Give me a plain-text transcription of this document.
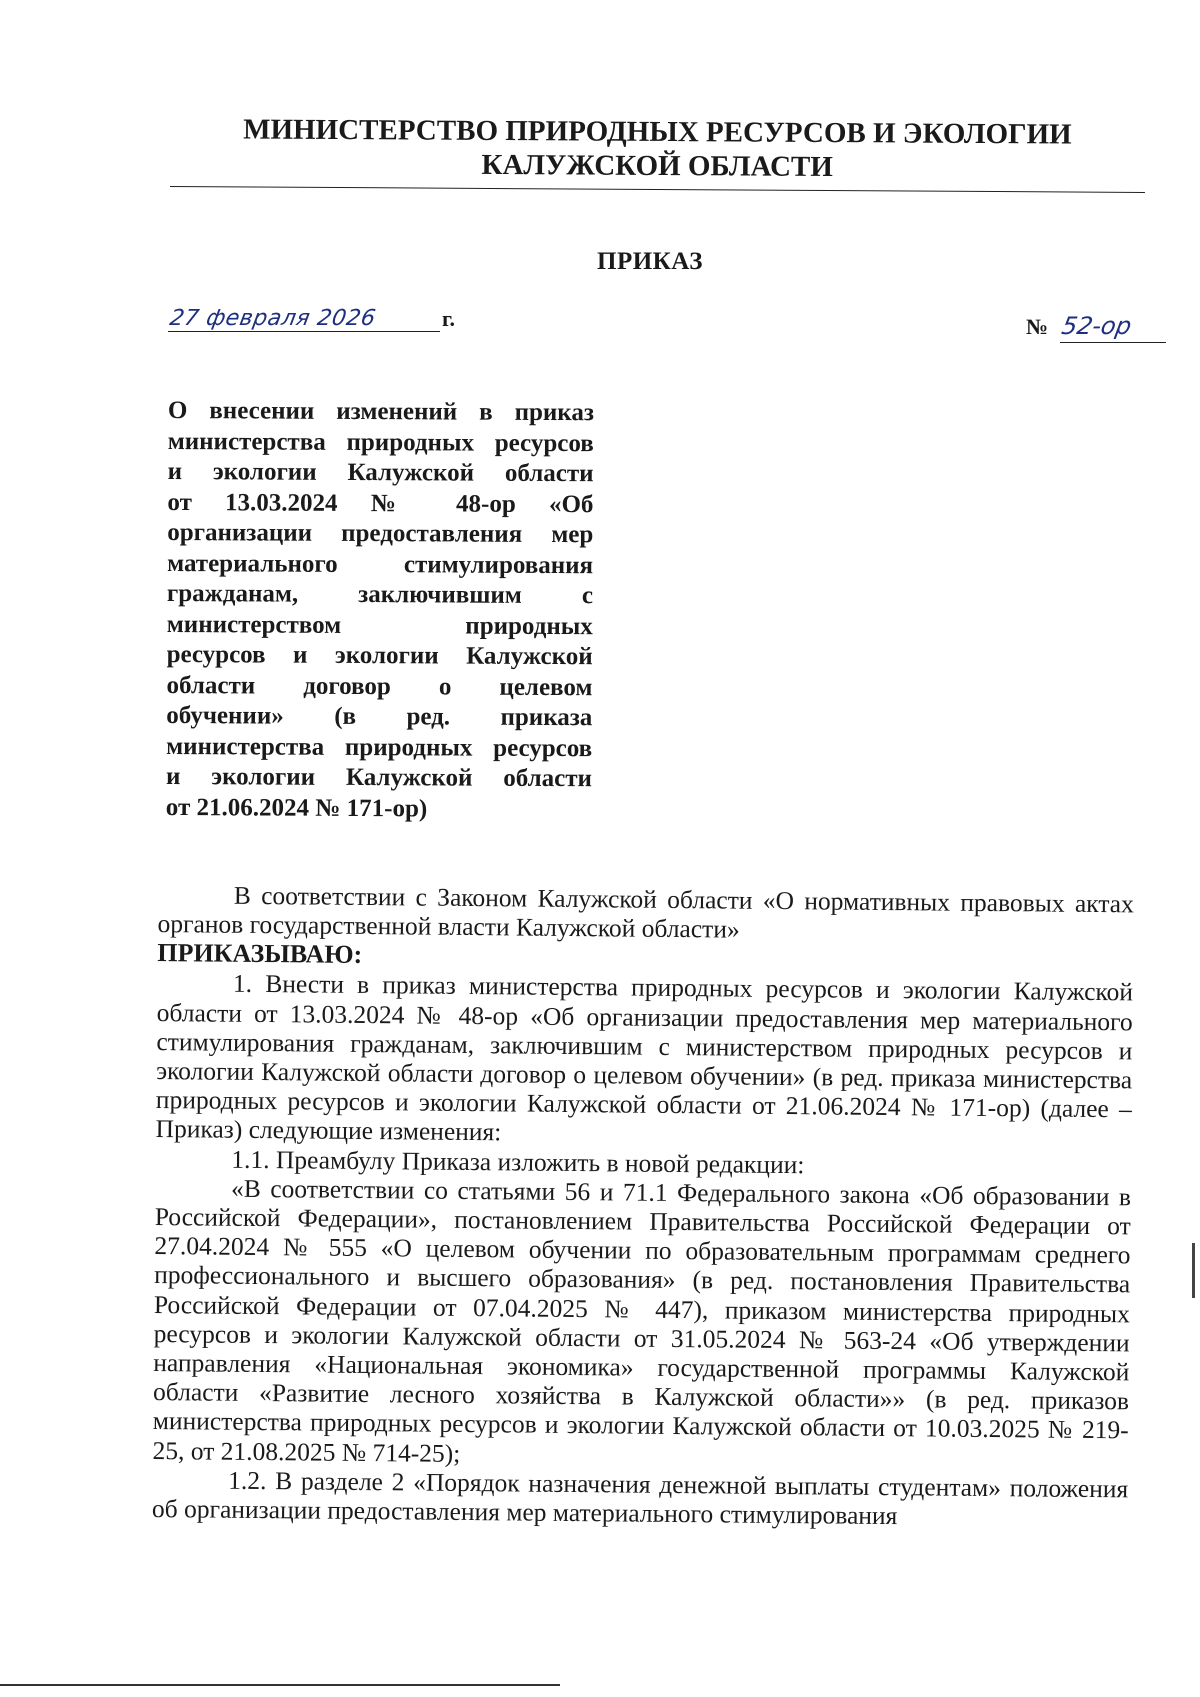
МИНИСТЕРСТВО ПРИРОДНЫХ РЕСУРСОВ И ЭКОЛОГИИ
КАЛУЖСКОЙ ОБЛАСТИ
ПРИКАЗ
27 февраля 2026	г.	№ 52-ор
О внесении изменений в приказ
министерства природных ресурсов
и экологии Калужской области
от 13.03.2024 № 48-ор «Об
организации предоставления мер
материального стимулирования
гражданам, заключившим с
министерством природных
ресурсов и экологии Калужской
области договор о целевом
обучении» (в ред. приказа
министерства природных ресурсов
и экологии Калужской области
от 21.06.2024 № 171-ор)

В соответствии с Законом Калужской области «О нормативных правовых актах органов государственной власти Калужской области»

ПРИКАЗЫВАЮ:

1. Внести в приказ министерства природных ресурсов и экологии Калужской области от 13.03.2024 № 48-ор «Об организации предоставления мер материального стимулирования гражданам, заключившим с министерством природных ресурсов и экологии Калужской области договор о целевом обучении» (в ред. приказа министерства природных ресурсов и экологии Калужской области от 21.06.2024 № 171-ор) (далее – Приказ) следующие изменения:

1.1. Преамбулу Приказа изложить в новой редакции:

«В соответствии со статьями 56 и 71.1 Федерального закона «Об образовании в Российской Федерации», постановлением Правительства Российской Федерации от 27.04.2024 № 555 «О целевом обучении по образовательным программам среднего профессионального и высшего образования» (в ред. постановления Правительства Российской Федерации от 07.04.2025 № 447), приказом министерства природных ресурсов и экологии Калужской области от 31.05.2024 № 563-24 «Об утверждении направления «Национальная экономика» государственной программы Калужской области «Развитие лесного хозяйства в Калужской области»» (в ред. приказов министерства природных ресурсов и экологии Калужской области от 10.03.2025 № 219-25, от 21.08.2025 № 714-25);

1.2. В разделе 2 «Порядок назначения денежной выплаты студентам» положения об организации предоставления мер материального стимулирования
